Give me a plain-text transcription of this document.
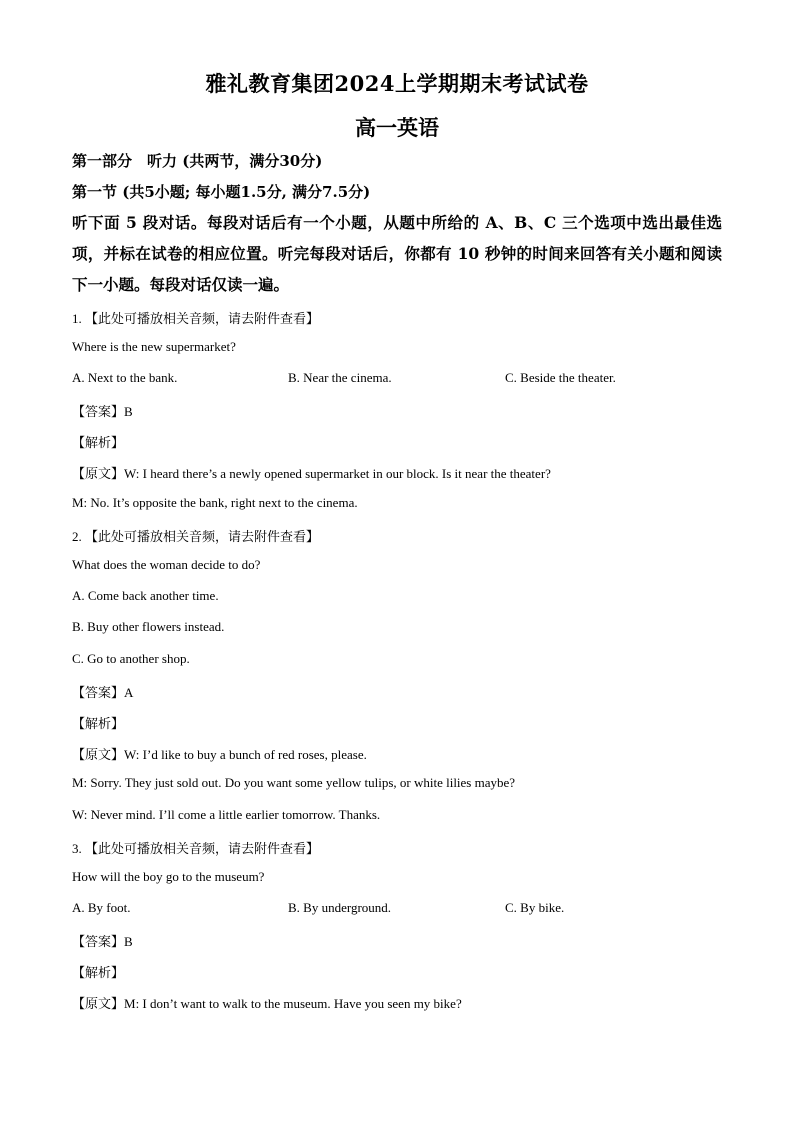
雅礼教育集团2024上学期期末考试试卷
高一英语
第一部分　听力 (共两节，满分30分)
第一节 (共5小题; 每小题1.5分, 满分7.5分)
听下面 5 段对话。每段对话后有一个小题，从题中所给的 A、B、C 三个选项中选出最佳选项，并标在试卷的相应位置。听完每段对话后，你都有 10 秒钟的时间来回答有关小题和阅读下一小题。每段对话仅读一遍。
1. 【此处可播放相关音频，请去附件查看】
Where is the new supermarket?
A. Next to the bank.	B. Near the cinema.	C. Beside the theater.
【答案】B
【解析】
【原文】W: I heard there’s a newly opened supermarket in our block. Is it near the theater?
M: No. It’s opposite the bank, right next to the cinema.
2. 【此处可播放相关音频，请去附件查看】
What does the woman decide to do?
A. Come back another time.
B. Buy other flowers instead.
C. Go to another shop.
【答案】A
【解析】
【原文】W: I’d like to buy a bunch of red roses, please.
M: Sorry. They just sold out. Do you want some yellow tulips, or white lilies maybe?
W: Never mind. I’ll come a little earlier tomorrow. Thanks.
3. 【此处可播放相关音频，请去附件查看】
How will the boy go to the museum?
A. By foot.	B. By underground.	C. By bike.
【答案】B
【解析】
【原文】M: I don’t want to walk to the museum. Have you seen my bike?
